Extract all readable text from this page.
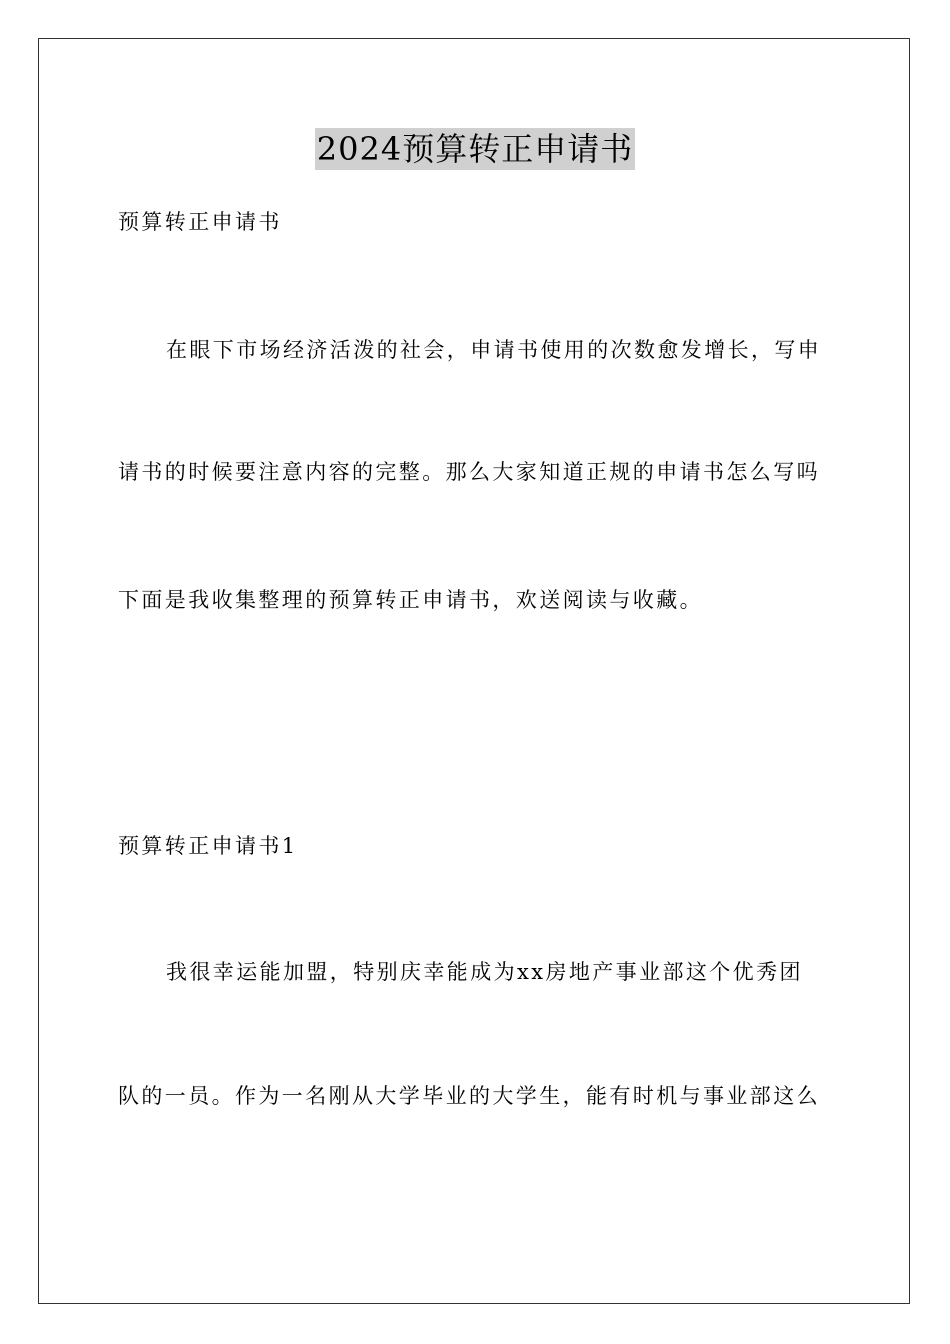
2024预算转正申请书
预算转正申请书
在眼下市场经济活泼的社会，申请书使用的次数愈发增长，写申
请书的时候要注意内容的完整。那么大家知道正规的申请书怎么写吗
下面是我收集整理的预算转正申请书，欢送阅读与收藏。
预算转正申请书1
我很幸运能加盟，特别庆幸能成为xx房地产事业部这个优秀团
队的一员。作为一名刚从大学毕业的大学生，能有时机与事业部这么
